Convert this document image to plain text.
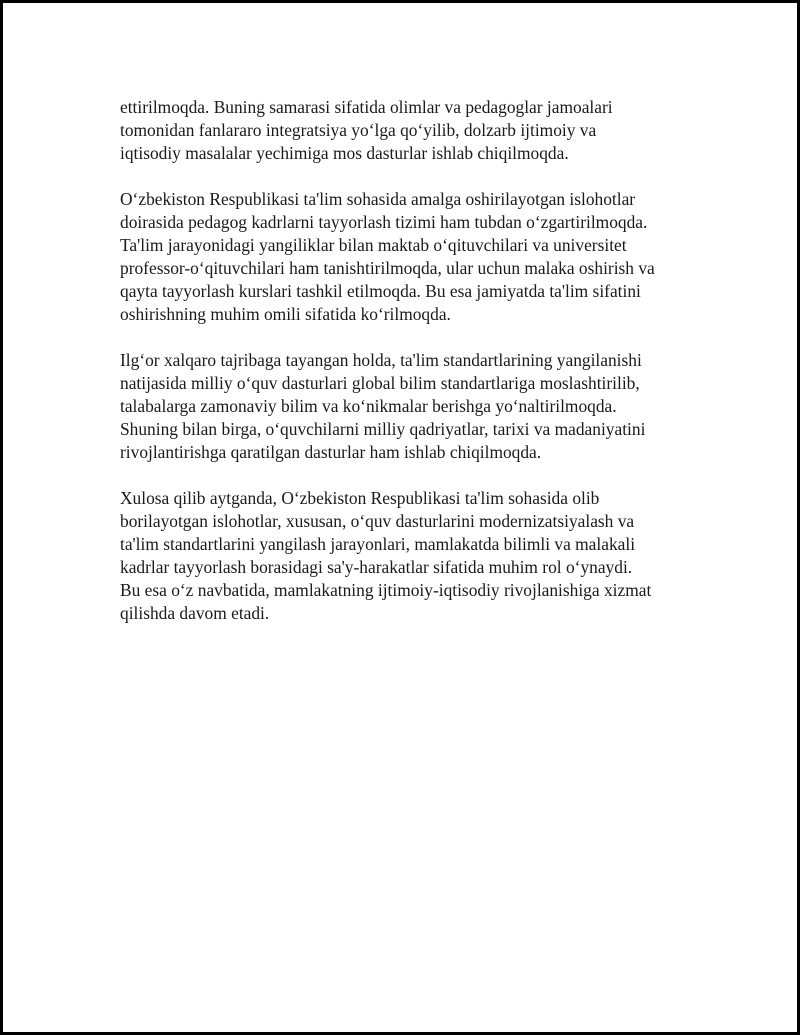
ettirilmoqda. Buning samarasi sifatida olimlar va pedagoglar jamoalari
tomonidan fanlararo integratsiya yo‘lga qo‘yilib, dolzarb ijtimoiy va
iqtisodiy masalalar yechimiga mos dasturlar ishlab chiqilmoqda.

O‘zbekiston Respublikasi ta'lim sohasida amalga oshirilayotgan islohotlar
doirasida pedagog kadrlarni tayyorlash tizimi ham tubdan o‘zgartirilmoqda.
Ta'lim jarayonidagi yangiliklar bilan maktab o‘qituvchilari va universitet
professor-o‘qituvchilari ham tanishtirilmoqda, ular uchun malaka oshirish va
qayta tayyorlash kurslari tashkil etilmoqda. Bu esa jamiyatda ta'lim sifatini
oshirishning muhim omili sifatida ko‘rilmoqda.

Ilg‘or xalqaro tajribaga tayangan holda, ta'lim standartlarining yangilanishi
natijasida milliy o‘quv dasturlari global bilim standartlariga moslashtirilib,
talabalarga zamonaviy bilim va ko‘nikmalar berishga yo‘naltirilmoqda.
Shuning bilan birga, o‘quvchilarni milliy qadriyatlar, tarixi va madaniyatini
rivojlantirishga qaratilgan dasturlar ham ishlab chiqilmoqda.

Xulosa qilib aytganda, O‘zbekiston Respublikasi ta'lim sohasida olib
borilayotgan islohotlar, xususan, o‘quv dasturlarini modernizatsiyalash va
ta'lim standartlarini yangilash jarayonlari, mamlakatda bilimli va malakali
kadrlar tayyorlash borasidagi sa'y-harakatlar sifatida muhim rol o‘ynaydi.
Bu esa o‘z navbatida, mamlakatning ijtimoiy-iqtisodiy rivojlanishiga xizmat
qilishda davom etadi.
